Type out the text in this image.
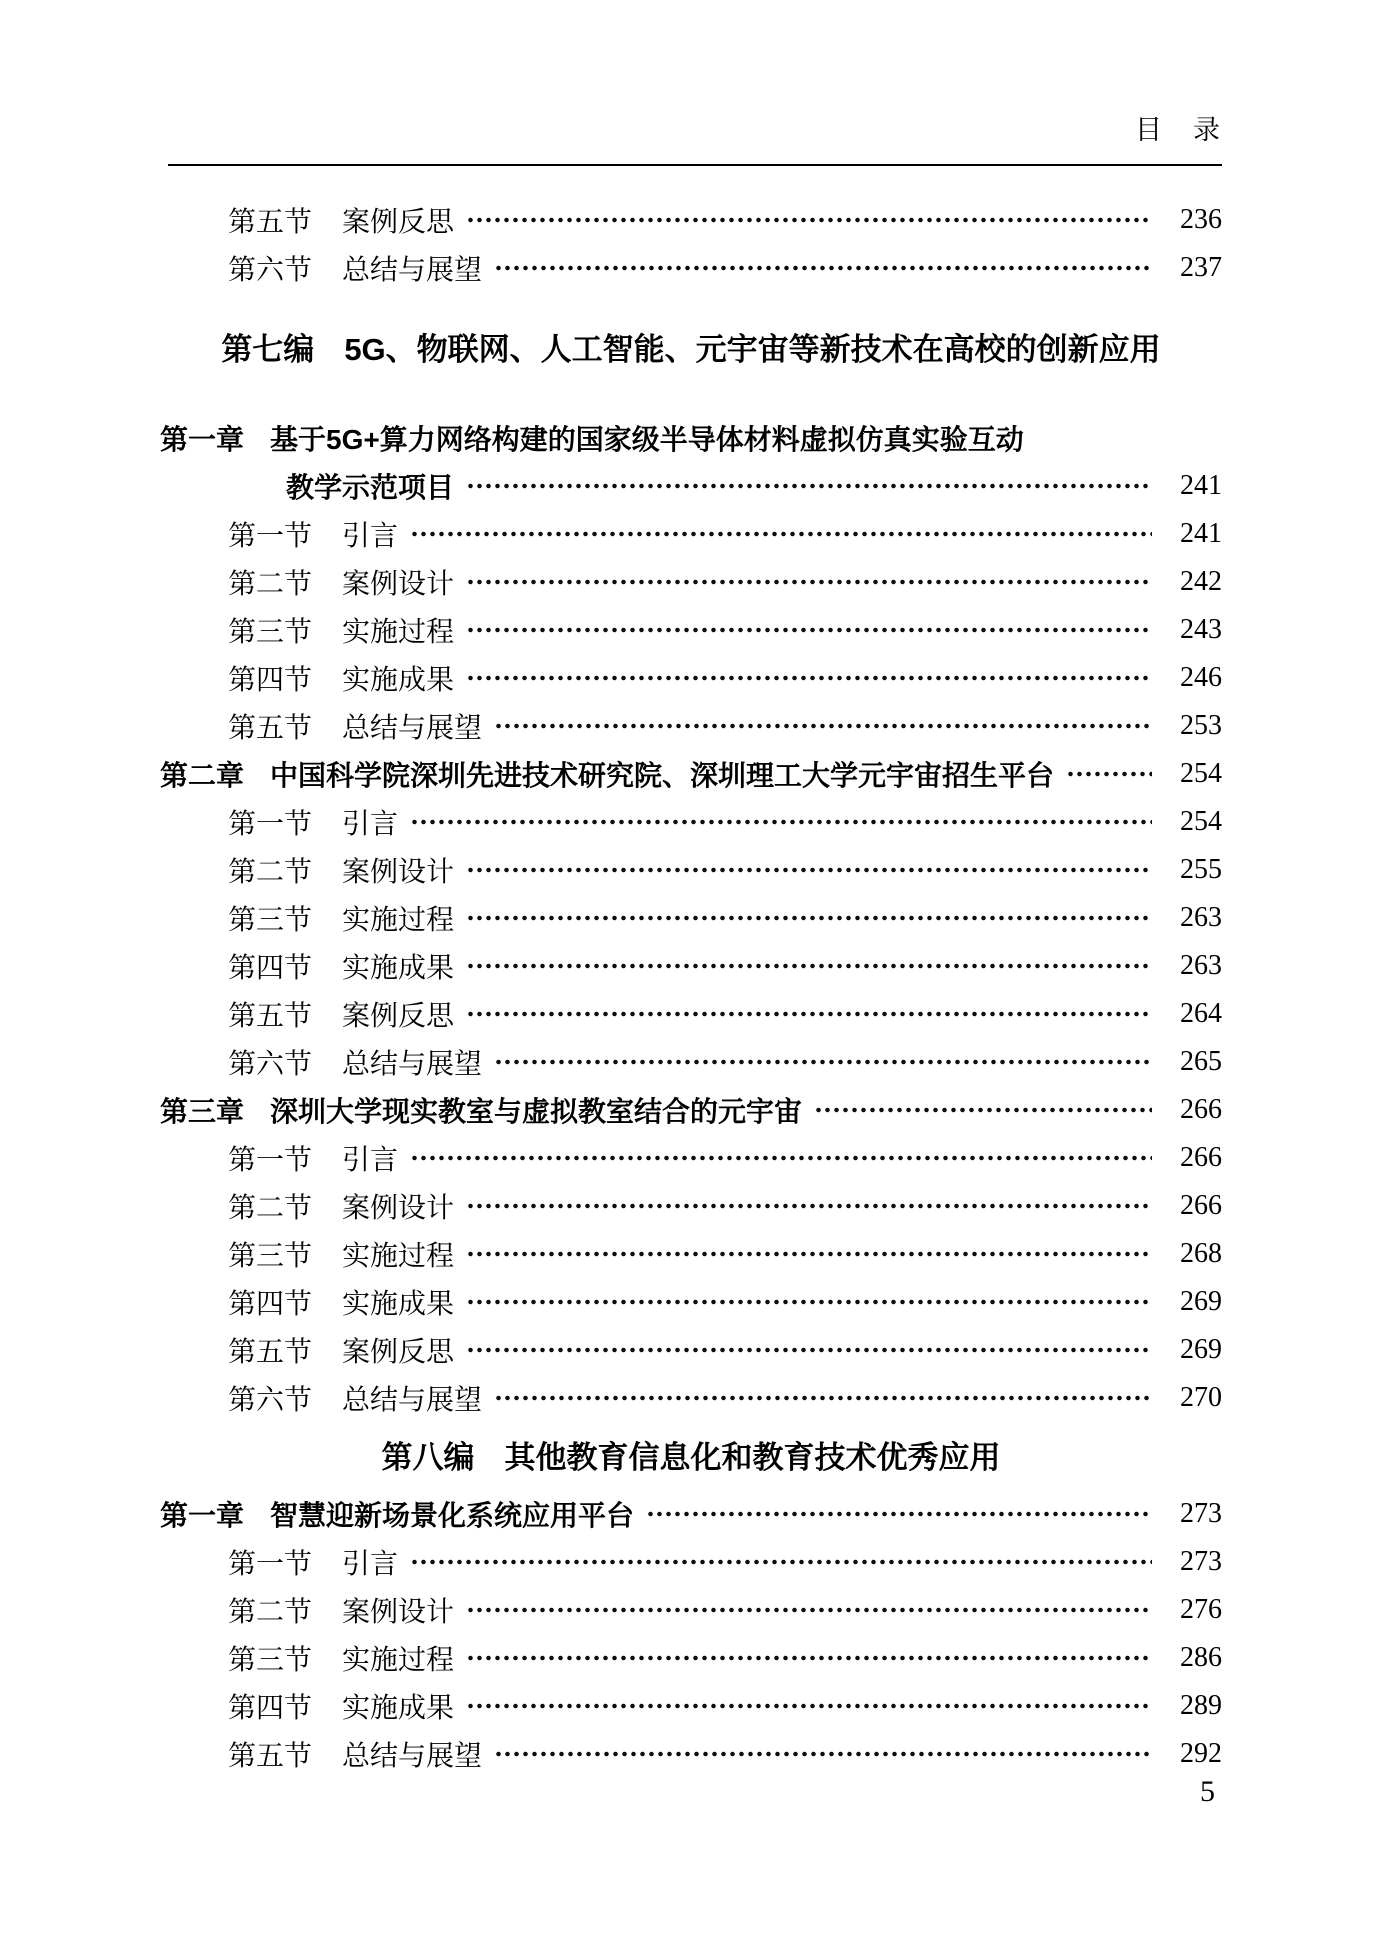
目　录
第五节 案例反思	236
第六节 总结与展望	237
第七编 5G、物联网、人工智能、元宇宙等新技术在高校的创新应用
第一章 基于5G+算力网络构建的国家级半导体材料虚拟仿真实验互动
教学示范项目	241
第一节 引言	241
第二节 案例设计	242
第三节 实施过程	243
第四节 实施成果	246
第五节 总结与展望	253
第二章 中国科学院深圳先进技术研究院、深圳理工大学元宇宙招生平台	254
第一节 引言	254
第二节 案例设计	255
第三节 实施过程	263
第四节 实施成果	263
第五节 案例反思	264
第六节 总结与展望	265
第三章 深圳大学现实教室与虚拟教室结合的元宇宙	266
第一节 引言	266
第二节 案例设计	266
第三节 实施过程	268
第四节 实施成果	269
第五节 案例反思	269
第六节 总结与展望	270
第八编 其他教育信息化和教育技术优秀应用
第一章 智慧迎新场景化系统应用平台	273
第一节 引言	273
第二节 案例设计	276
第三节 实施过程	286
第四节 实施成果	289
第五节 总结与展望	292
5
